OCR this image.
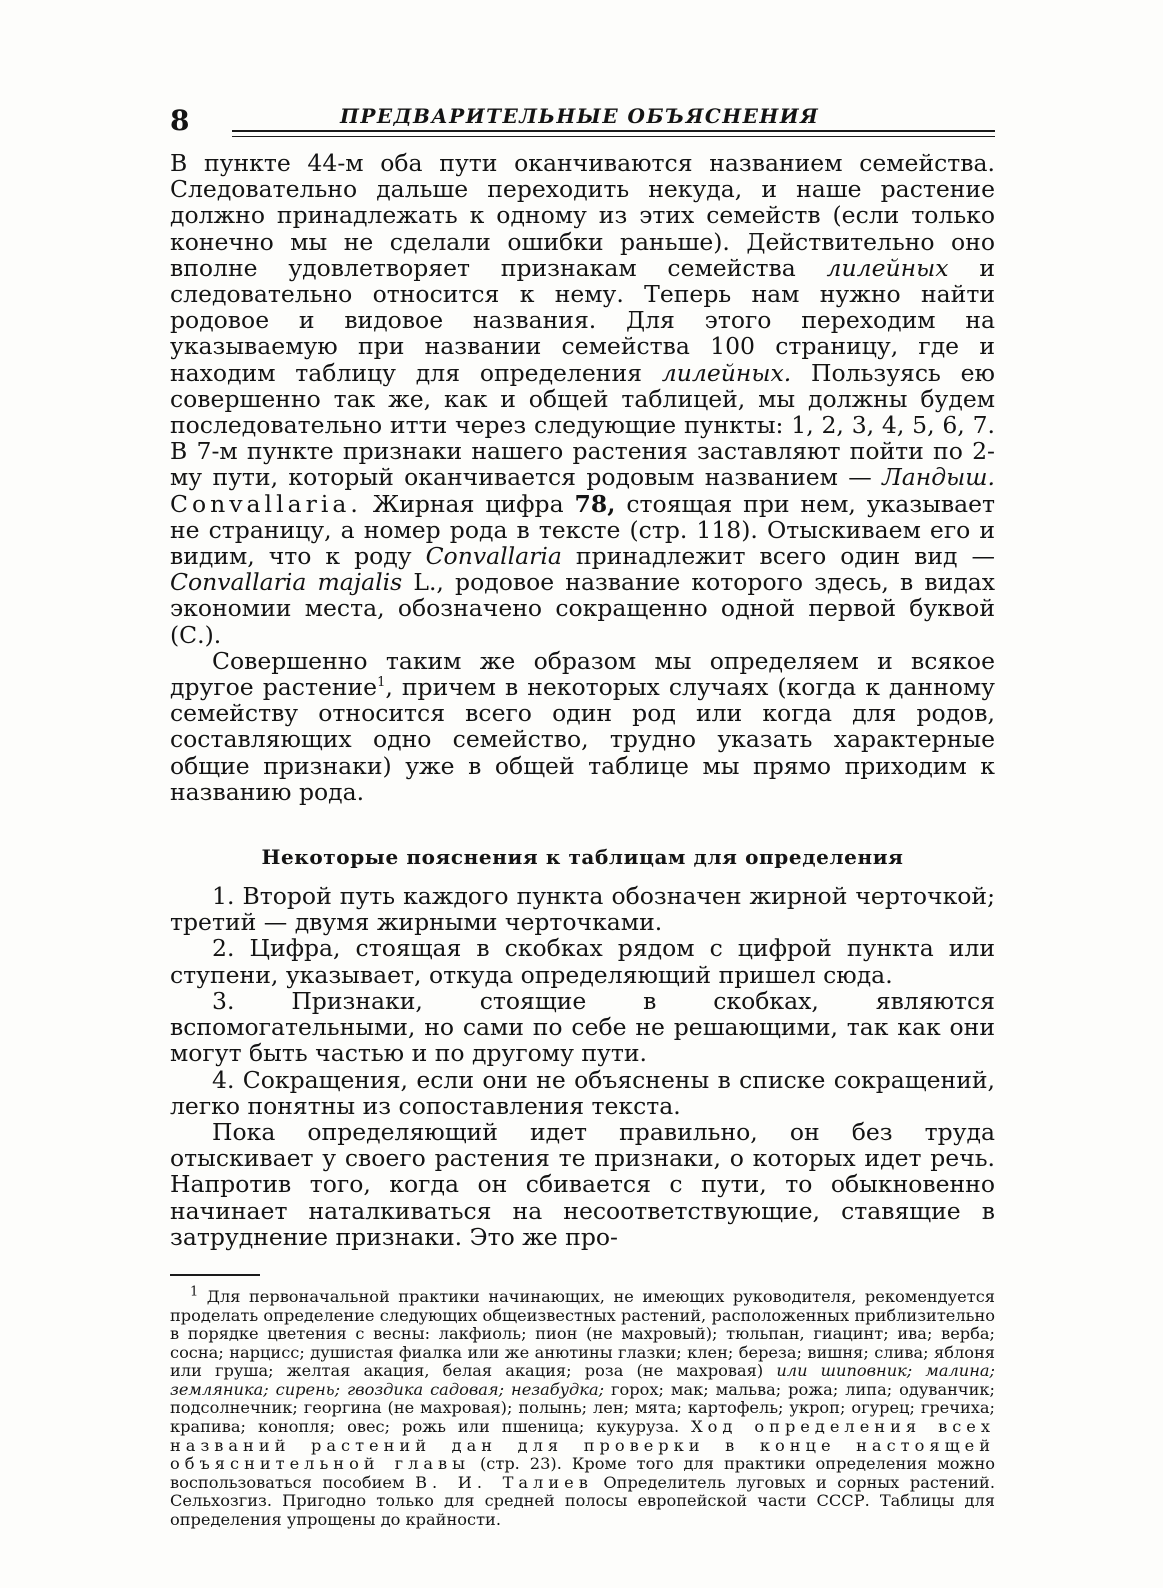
8	ПРЕДВАРИТЕЛЬНЫЕ ОБЪЯСНЕНИЯ

В пункте 44-м оба пути оканчиваются названием семейства. Следовательно дальше переходить некуда, и наше растение должно принадлежать к одному из этих семейств (если только конечно мы не сделали ошибки раньше). Действительно оно вполне удовлетворяет признакам семейства лилейных и следовательно относится к нему. Теперь нам нужно найти родовое и видовое названия. Для этого переходим на указываемую при названии семейства 100 страницу, где и находим таблицу для определения лилейных. Пользуясь ею совершенно так же, как и общей таблицей, мы должны будем последовательно итти через следующие пункты: 1, 2, 3, 4, 5, 6, 7. В 7-м пункте признаки нашего растения заставляют пойти по 2-му пути, который оканчивается родовым названием — Ландыш. Convallaria. Жирная цифра 78, стоящая при нем, указывает не страницу, а номер рода в тексте (стр. 118). Отыскиваем его и видим, что к роду Convallaria принадлежит всего один вид — Convallaria majalis L., родовое название которого здесь, в видах экономии места, обозначено сокращенно одной первой буквой (С.).

Совершенно таким же образом мы определяем и всякое другое растение$^1$, причем в некоторых случаях (когда к данному семейству относится всего один род или когда для родов, составляющих одно семейство, трудно указать характерные общие признаки) уже в общей таблице мы прямо приходим к названию рода.

Некоторые пояснения к таблицам для определения

1. Второй путь каждого пункта обозначен жирной черточкой; третий — двумя жирными черточками.

2. Цифра, стоящая в скобках рядом с цифрой пункта или ступени, указывает, откуда определяющий пришел сюда.

3. Признаки, стоящие в скобках, являются вспомогательными, но сами по себе не решающими, так как они могут быть частью и по другому пути.

4. Сокращения, если они не объяснены в списке сокращений, легко понятны из сопоставления текста.

Пока определяющий идет правильно, он без труда отыскивает у своего растения те признаки, о которых идет речь. Напротив того, когда он сбивается с пути, то обыкновенно начинает наталкиваться на несоответствующие, ставящие в затруднение признаки. Это же про-

$^1$ Для первоначальной практики начинающих, не имеющих руководителя, рекомендуется проделать определение следующих общеизвестных растений, расположенных приблизительно в порядке цветения с весны: лакфиоль; пион (не махровый); тюльпан, гиацинт; ива; верба; сосна; нарцисс; душистая фиалка или же анютины глазки; клен; береза; вишня; слива; яблоня или груша; желтая акация, белая акация; роза (не махровая) или шиповник; малина; земляника; сирень; гвоздика садовая; незабудка; горох; мак; мальва; рожа; липа; одуванчик; подсолнечник; георгина (не махровая); полынь; лен; мята; картофель; укроп; огурец; гречиха; крапива; конопля; овес; рожь или пшеница; кукуруза. Ход определения всех названий растений дан для проверки в конце настоящей объяснительной главы (стр. 23). Кроме того для практики определения можно воспользоваться пособием В. И. Талиев Определитель луговых и сорных растений. Сельхозгиз. Пригодно только для средней полосы европейской части СССР. Таблицы для определения упрощены до крайности.
